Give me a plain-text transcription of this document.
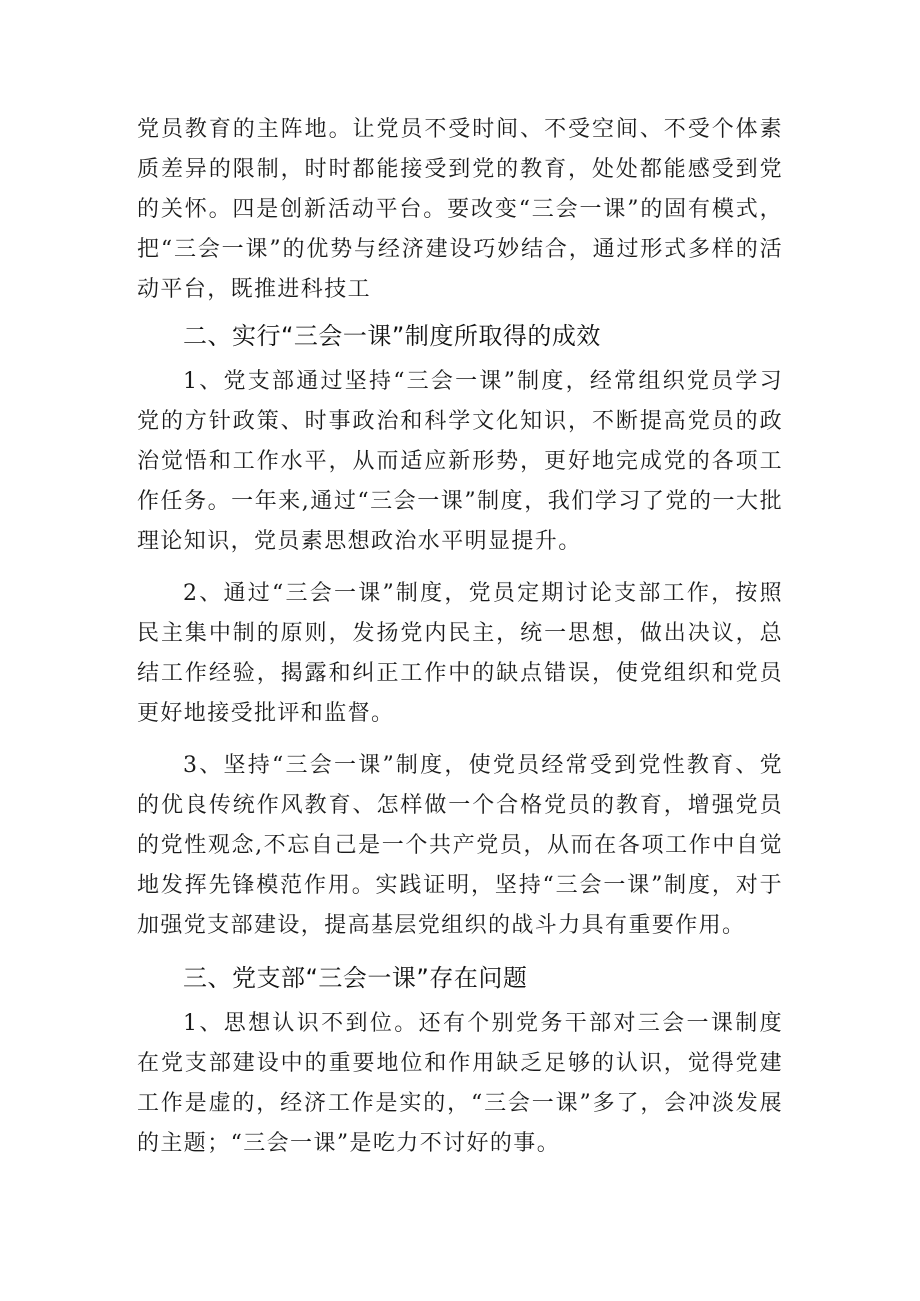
党员教育的主阵地。让党员不受时间、不受空间、不受个体素质差异的限制，时时都能接受到党的教育，处处都能感受到党的关怀。四是创新活动平台。要改变“三会一课”的固有模式，把“三会一课”的优势与经济建设巧妙结合，通过形式多样的活动平台，既推进科技工

二、实行“三会一课”制度所取得的成效

1、党支部通过坚持“三会一课”制度，经常组织党员学习党的方针政策、时事政治和科学文化知识，不断提高党员的政治觉悟和工作水平，从而适应新形势，更好地完成党的各项工作任务。一年来,通过“三会一课”制度，我们学习了党的一大批理论知识，党员素思想政治水平明显提升。

2、通过“三会一课”制度，党员定期讨论支部工作，按照民主集中制的原则，发扬党内民主，统一思想，做出决议，总结工作经验，揭露和纠正工作中的缺点错误，使党组织和党员更好地接受批评和监督。

3、坚持“三会一课”制度，使党员经常受到党性教育、党的优良传统作风教育、怎样做一个合格党员的教育，增强党员的党性观念,不忘自己是一个共产党员，从而在各项工作中自觉地发挥先锋模范作用。实践证明，坚持“三会一课”制度，对于加强党支部建设，提高基层党组织的战斗力具有重要作用。

三、党支部“三会一课”存在问题

1、思想认识不到位。还有个别党务干部对三会一课制度在党支部建设中的重要地位和作用缺乏足够的认识，觉得党建工作是虚的，经济工作是实的，“三会一课”多了，会冲淡发展的主题；“三会一课”是吃力不讨好的事。
